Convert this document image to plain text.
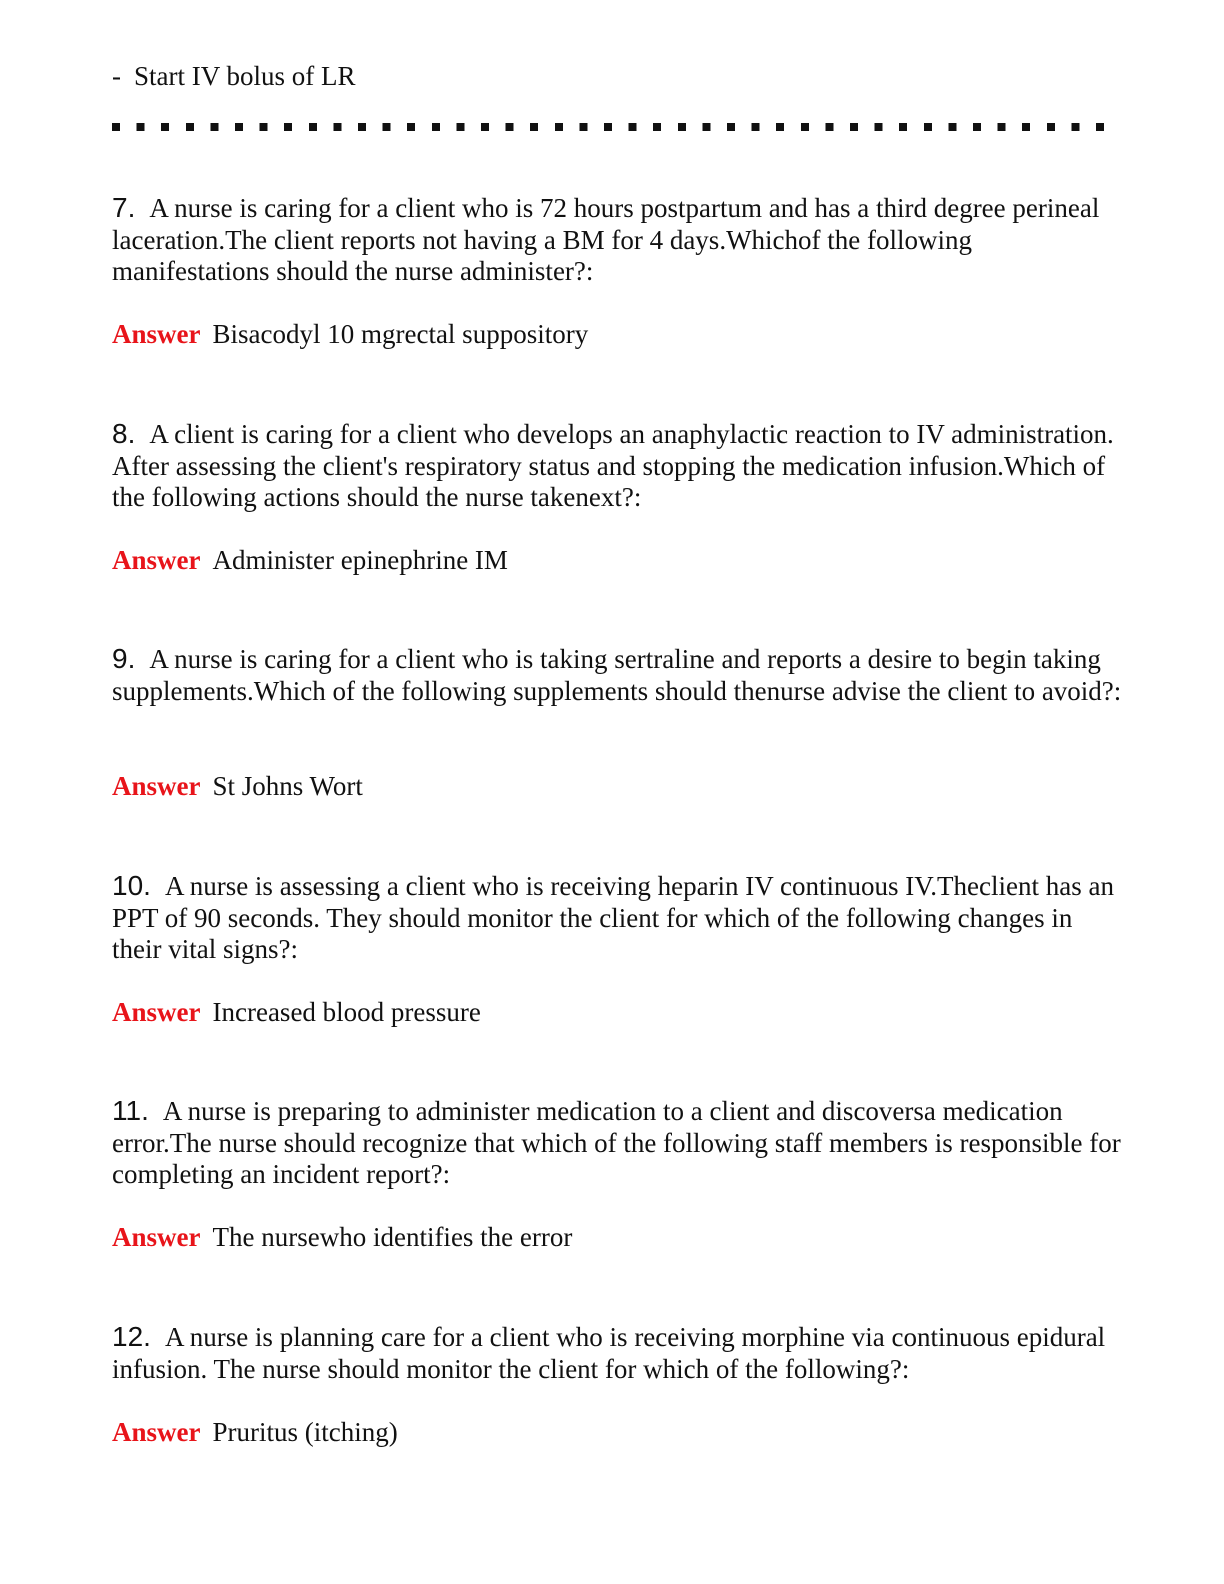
- Start IV bolus of LR

7. A nurse is caring for a client who is 72 hours postpartum and has a third degree perineal laceration.The client reports not having a BM for 4 days.Whichof the following manifestations should the nurse administer?:

Answer Bisacodyl 10 mgrectal suppository

8. A client is caring for a client who develops an anaphylactic reaction to IV administration. After assessing the client's respiratory status and stopping the medication infusion.Which of the following actions should the nurse takenext?:

Answer Administer epinephrine IM

9. A nurse is caring for a client who is taking sertraline and reports a desire to begin taking supplements.Which of the following supplements should thenurse advise the client to avoid?:

Answer St Johns Wort

10. A nurse is assessing a client who is receiving heparin IV continuous IV.Theclient has an PPT of 90 seconds. They should monitor the client for which of the following changes in their vital signs?:

Answer Increased blood pressure

11. A nurse is preparing to administer medication to a client and discoversa medication error.The nurse should recognize that which of the following staff members is responsible for completing an incident report?:

Answer The nursewho identifies the error

12. A nurse is planning care for a client who is receiving morphine via continuous epidural infusion. The nurse should monitor the client for which of the following?:

Answer Pruritus (itching)
